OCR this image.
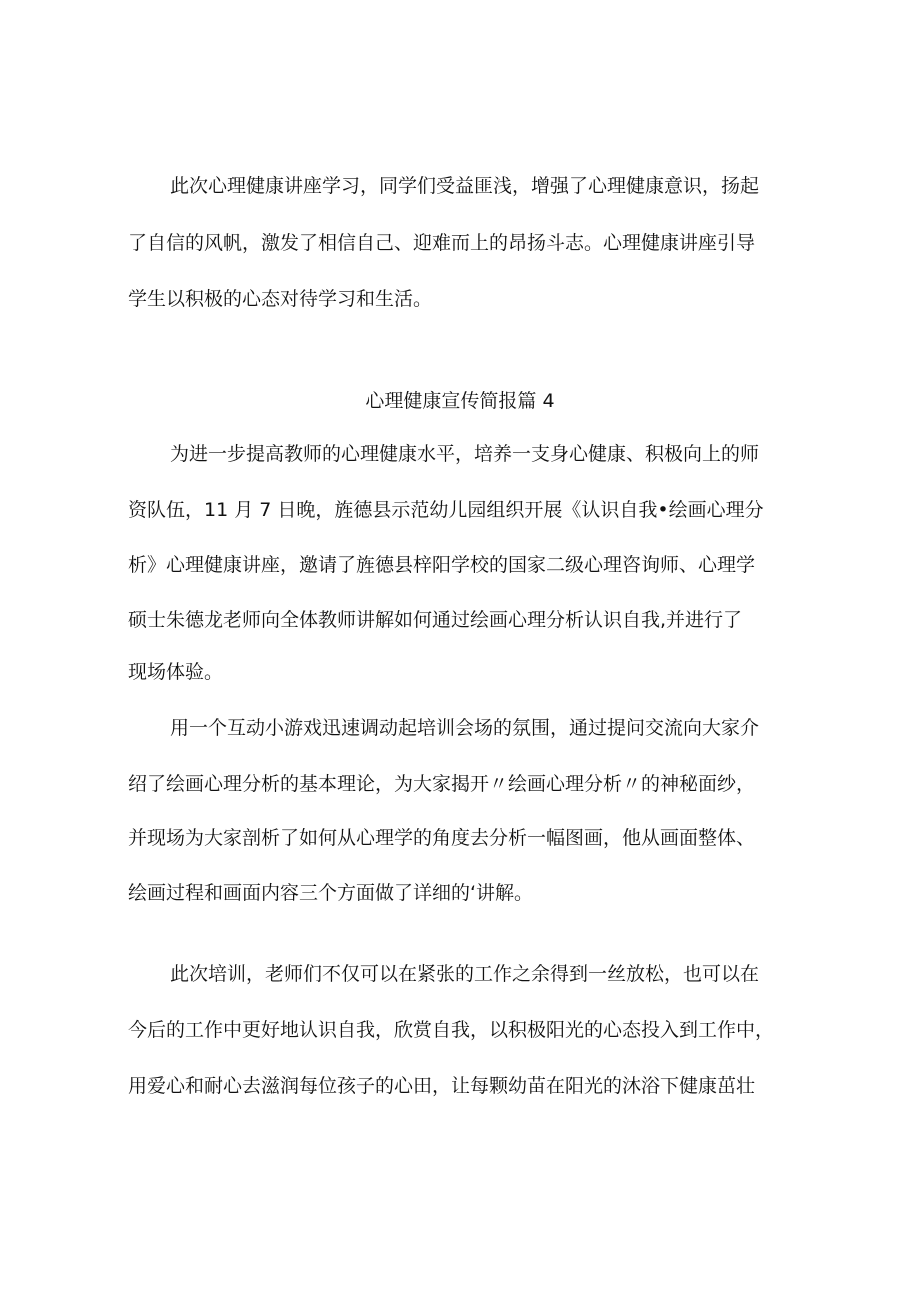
此次心理健康讲座学习，同学们受益匪浅，增强了心理健康意识，扬起
了自信的风帆，激发了相信自己、迎难而上的昂扬斗志。心理健康讲座引导
学生以积极的心态对待学习和生活。
心理健康宣传简报篇 4
为进一步提高教师的心理健康水平，培养一支身心健康、积极向上的师
资队伍，11 月 7 日晚，旌德县示范幼儿园组织开展《认识自我•绘画心理分
析》心理健康讲座，邀请了旌德县梓阳学校的国家二级心理咨询师、心理学
硕士朱德龙老师向全体教师讲解如何通过绘画心理分析认识自我,并进行了
现场体验。
用一个互动小游戏迅速调动起培训会场的氛围，通过提问交流向大家介
绍了绘画心理分析的基本理论，为大家揭开〃绘画心理分析〃的神秘面纱，
并现场为大家剖析了如何从心理学的角度去分析一幅图画，他从画面整体、
绘画过程和画面内容三个方面做了详细的‘讲解。
此次培训，老师们不仅可以在紧张的工作之余得到一丝放松，也可以在
今后的工作中更好地认识自我，欣赏自我，以积极阳光的心态投入到工作中，
用爱心和耐心去滋润每位孩子的心田，让每颗幼苗在阳光的沐浴下健康茁壮
